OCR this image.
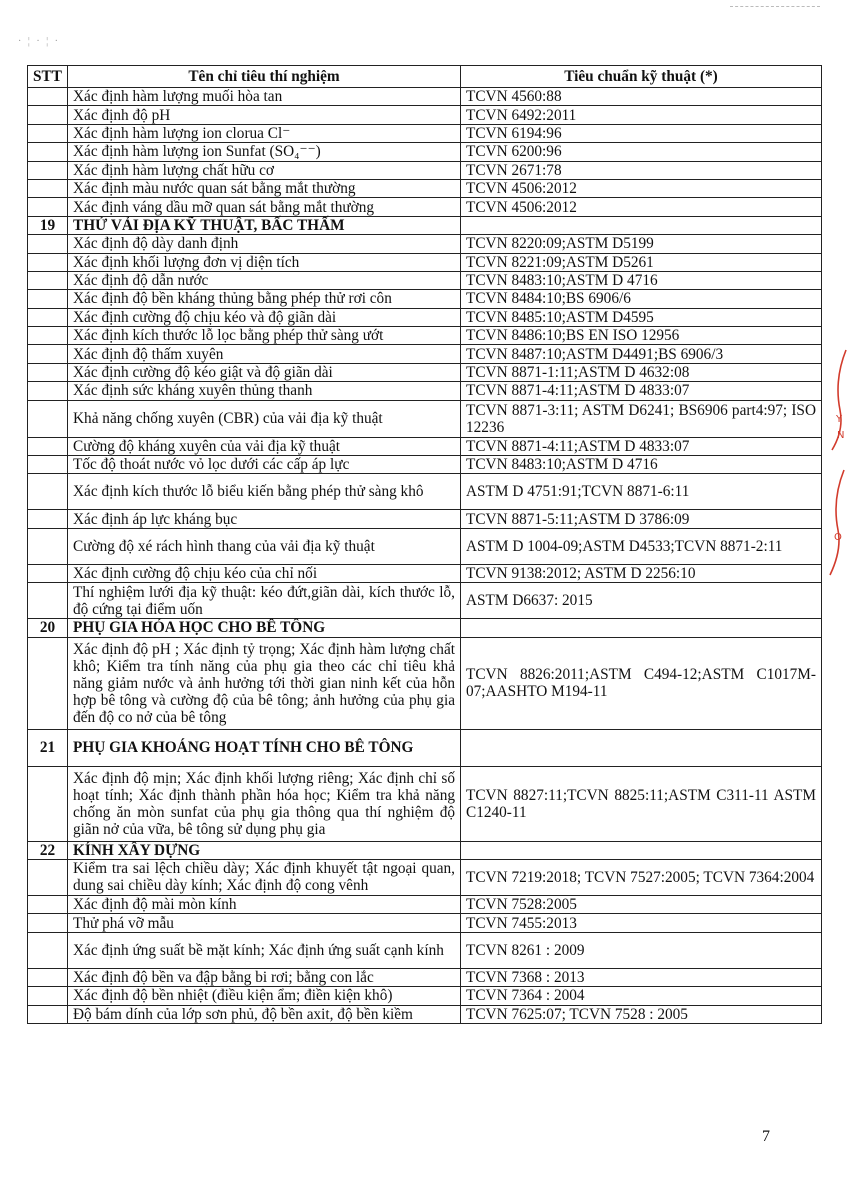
· ¦ · ¦ ·
STT	Tên chỉ tiêu thí nghiệm	Tiêu chuẩn kỹ thuật (*)
	Xác định hàm lượng muối hòa tan	TCVN 4560:88
	Xác định độ pH	TCVN 6492:2011
	Xác định hàm lượng ion clorua Cl⁻	TCVN 6194:96
	Xác định hàm lượng ion Sunfat (SO₄⁻⁻)	TCVN 6200:96
	Xác định hàm lượng chất hữu cơ	TCVN 2671:78
	Xác định màu nước quan sát bằng mắt thường	TCVN 4506:2012
	Xác định váng dầu mỡ quan sát bằng mắt thường	TCVN 4506:2012
19	THỬ VẢI ĐỊA KỸ THUẬT, BẤC THẤM	
	Xác định độ dày danh định	TCVN 8220:09;ASTM D5199
	Xác định khối lượng đơn vị diện tích	TCVN 8221:09;ASTM D5261
	Xác định độ dẫn nước	TCVN 8483:10;ASTM D 4716
	Xác định độ bền kháng thủng bằng phép thử rơi côn	TCVN 8484:10;BS 6906/6
	Xác định cường độ chịu kéo và độ giãn dài	TCVN 8485:10;ASTM D4595
	Xác định kích thước lỗ lọc bằng phép thử sàng ướt	TCVN 8486:10;BS EN ISO 12956
	Xác định độ thấm xuyên	TCVN 8487:10;ASTM D4491;BS 6906/3
	Xác định cường độ kéo giật và độ giãn dài	TCVN 8871-1:11;ASTM D 4632:08
	Xác định sức kháng xuyên thủng thanh	TCVN 8871-4:11;ASTM D 4833:07
	Khả năng chống xuyên (CBR) của vải địa kỹ thuật	TCVN 8871-3:11; ASTM D6241; BS6906 part4:97; ISO 12236
	Cường độ kháng xuyên của vải địa kỹ thuật	TCVN 8871-4:11;ASTM D 4833:07
	Tốc độ thoát nước vỏ lọc dưới các cấp áp lực	TCVN 8483:10;ASTM D 4716
	Xác định kích thước lỗ biểu kiến bằng phép thử sàng khô	ASTM D 4751:91;TCVN 8871-6:11
	Xác định áp lực kháng bục	TCVN 8871-5:11;ASTM D 3786:09
	Cường độ xé rách hình thang của vải địa kỹ thuật	ASTM D 1004-09;ASTM D4533;TCVN 8871-2:11
	Xác định cường độ chịu kéo của chỉ nối	TCVN 9138:2012; ASTM D 2256:10
	Thí nghiệm lưới địa kỹ thuật: kéo đứt,giãn dài, kích thước lỗ, độ cứng tại điểm uốn	ASTM D6637: 2015
20	PHỤ GIA HÓA HỌC CHO BÊ TÔNG	
	Xác định độ pH ; Xác định tỷ trọng; Xác định hàm lượng chất khô; Kiểm tra tính năng của phụ gia theo các chỉ tiêu khả năng giảm nước và ảnh hưởng tới thời gian ninh kết của hỗn hợp bê tông và cường độ của bê tông; ảnh hưởng của phụ gia đến độ co nở của bê tông	TCVN 8826:2011;ASTM C494-12;ASTM C1017M-07;AASHTO M194-11
21	PHỤ GIA KHOÁNG HOẠT TÍNH CHO BÊ TÔNG	
	Xác định độ mịn; Xác định khối lượng riêng; Xác định chỉ số hoạt tính; Xác định thành phần hóa học; Kiểm tra khả năng chống ăn mòn sunfat của phụ gia thông qua thí nghiệm độ giãn nở của vữa, bê tông sử dụng phụ gia	TCVN 8827:11;TCVN 8825:11;ASTM C311-11 ASTM C1240-11
22	KÍNH XÂY DỰNG	
	Kiểm tra sai lệch chiều dày; Xác định khuyết tật ngoại quan, dung sai chiều dày kính; Xác định độ cong vênh	TCVN 7219:2018; TCVN 7527:2005; TCVN 7364:2004
	Xác định độ mài mòn kính	TCVN 7528:2005
	Thử phá vỡ mẫu	TCVN 7455:2013
	Xác định ứng suất bề mặt kính; Xác định ứng suất cạnh kính	TCVN 8261 : 2009
	Xác định độ bền va đập bằng bi rơi; bằng con lắc	TCVN 7368 : 2013
	Xác định độ bền nhiệt (điều kiện ẩm; điền kiện khô)	TCVN 7364 : 2004
	Độ bám dính của lớp sơn phủ, độ bền axit, độ bền kiềm	TCVN 7625:07; TCVN 7528 : 2005
Y
N
O
7
